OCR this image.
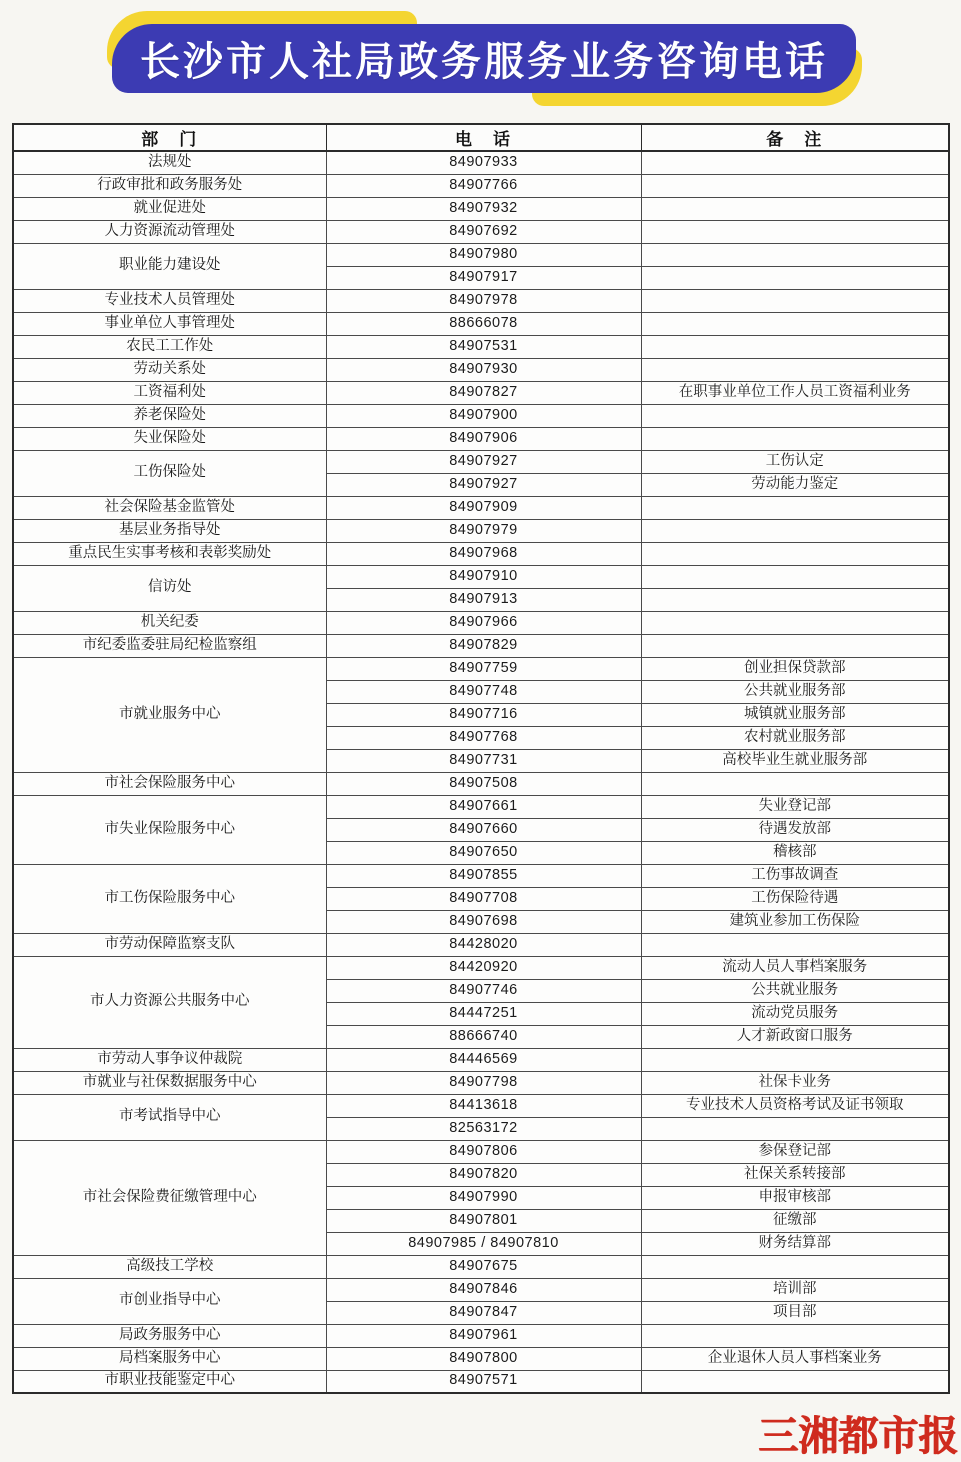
长沙市人社局政务服务业务咨询电话
部　门	电　话	备　注
法规处	84907933	
行政审批和政务服务处	84907766	
就业促进处	84907932	
人力资源流动管理处	84907692	
职业能力建设处	84907980	
	84907917	
专业技术人员管理处	84907978	
事业单位人事管理处	88666078	
农民工工作处	84907531	
劳动关系处	84907930	
工资福利处	84907827	在职事业单位工作人员工资福利业务
养老保险处	84907900	
失业保险处	84907906	
工伤保险处	84907927	工伤认定
	84907927	劳动能力鉴定
社会保险基金监管处	84907909	
基层业务指导处	84907979	
重点民生实事考核和表彰奖励处	84907968	
信访处	84907910	
	84907913	
机关纪委	84907966	
市纪委监委驻局纪检监察组	84907829	
市就业服务中心	84907759	创业担保贷款部
	84907748	公共就业服务部
	84907716	城镇就业服务部
	84907768	农村就业服务部
	84907731	高校毕业生就业服务部
市社会保险服务中心	84907508	
市失业保险服务中心	84907661	失业登记部
	84907660	待遇发放部
	84907650	稽核部
市工伤保险服务中心	84907855	工伤事故调查
	84907708	工伤保险待遇
	84907698	建筑业参加工伤保险
市劳动保障监察支队	84428020	
市人力资源公共服务中心	84420920	流动人员人事档案服务
	84907746	公共就业服务
	84447251	流动党员服务
	88666740	人才新政窗口服务
市劳动人事争议仲裁院	84446569	
市就业与社保数据服务中心	84907798	社保卡业务
市考试指导中心	84413618	专业技术人员资格考试及证书领取
	82563172	
市社会保险费征缴管理中心	84907806	参保登记部
	84907820	社保关系转接部
	84907990	申报审核部
	84907801	征缴部
	84907985 / 84907810	财务结算部
高级技工学校	84907675	
市创业指导中心	84907846	培训部
	84907847	项目部
局政务服务中心	84907961	
局档案服务中心	84907800	企业退休人员人事档案业务
市职业技能鉴定中心	84907571	
三湘都市报
